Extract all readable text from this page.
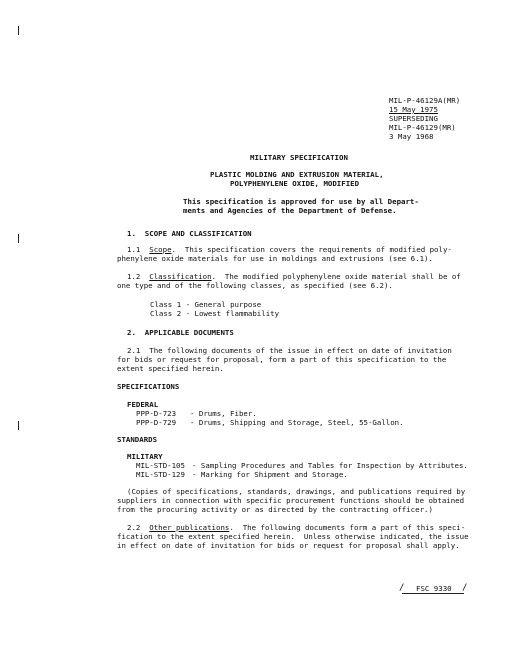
MIL-P-46129A(MR)
15 May 1975
SUPERSEDING
MIL-P-46129(MR)
3 May 1968
MILITARY SPECIFICATION
PLASTIC MOLDING AND EXTRUSION MATERIAL,
POLYPHENYLENE OXIDE, MODIFIED
This specification is approved for use by all Depart-
ments and Agencies of the Department of Defense.
1.  SCOPE AND CLASSIFICATION
1.1 Scope.  This specification covers the requirements of modified poly-
phenylene oxide materials for use in moldings and extrusions (see 6.1).
1.2 Classification.  The modified polyphenylene oxide material shall be of
one type and of the following classes, as specified (see 6.2).
Class 1 - General purpose
Class 2 - Lowest flammability
2.  APPLICABLE DOCUMENTS
2.1  The following documents of the issue in effect on date of invitation
for bids or request for proposal, form a part of this specification to the
extent specified herein.
SPECIFICATIONS
FEDERAL
PPP-D-723 - Drums, Fiber.
PPP-D-729 - Drums, Shipping and Storage, Steel, 55-Gallon.
STANDARDS
MILITARY
MIL-STD-105 - Sampling Procedures and Tables for Inspection by Attributes.
MIL-STD-129 - Marking for Shipment and Storage.
(Copies of specifications, standards, drawings, and publications required by
suppliers in connection with specific procurement functions should be obtained
from the procuring activity or as directed by the contracting officer.)
2.2 Other publications.  The following documents form a part of this speci-
fication to the extent specified herein.  Unless otherwise indicated, the issue
in effect on date of invitation for bids or request for proposal shall apply.
/ FSC 9330 /
